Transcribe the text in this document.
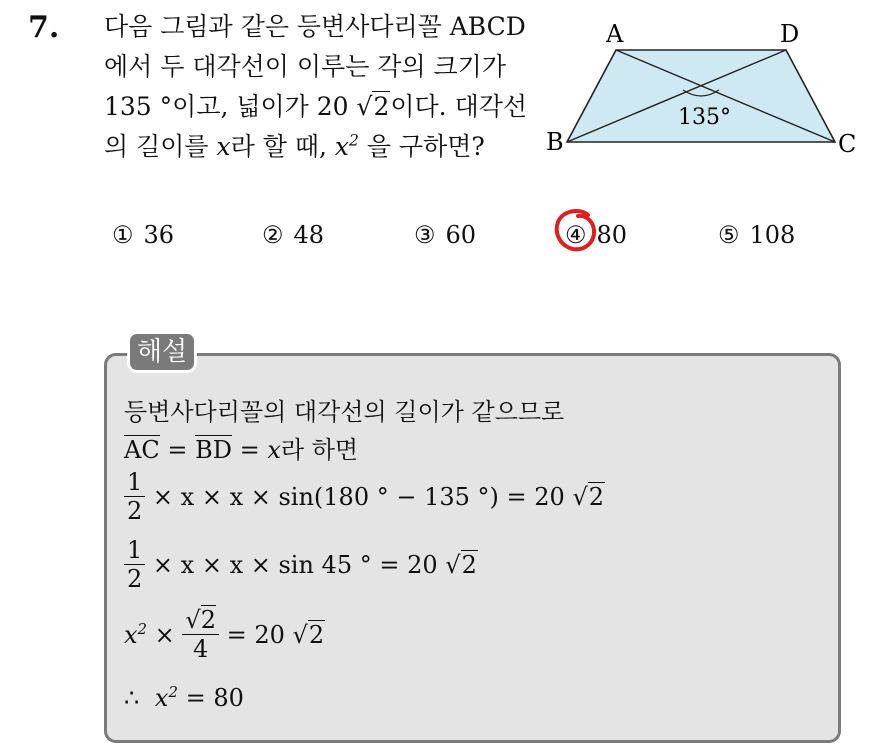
7. 다음 그림과 같은 등변사다리꼴 ABCD
에서 두 대각선이 이루는 각의 크기가
135 °이고, 넓이가 20 √2이다. 대각선
의 길이를 x라 할 때, $x^2$ 을 구하면?
A	D
B	C
135°
① 36	② 48	③ 60	④ 80	⑤ 108
해설
등변사다리꼴의 대각선의 길이가 같으므로
AC = BD = x라 하면
$\frac{1}{2} \times x \times x \times \sin(180$ ° − 135 °) = 20 √2
$\frac{1}{2} \times x \times x \times \sin 45$ ° = 20 √2
$x^2 \times \frac{√2}{4} = 20$ √2
∴ $x^2 = 80$
